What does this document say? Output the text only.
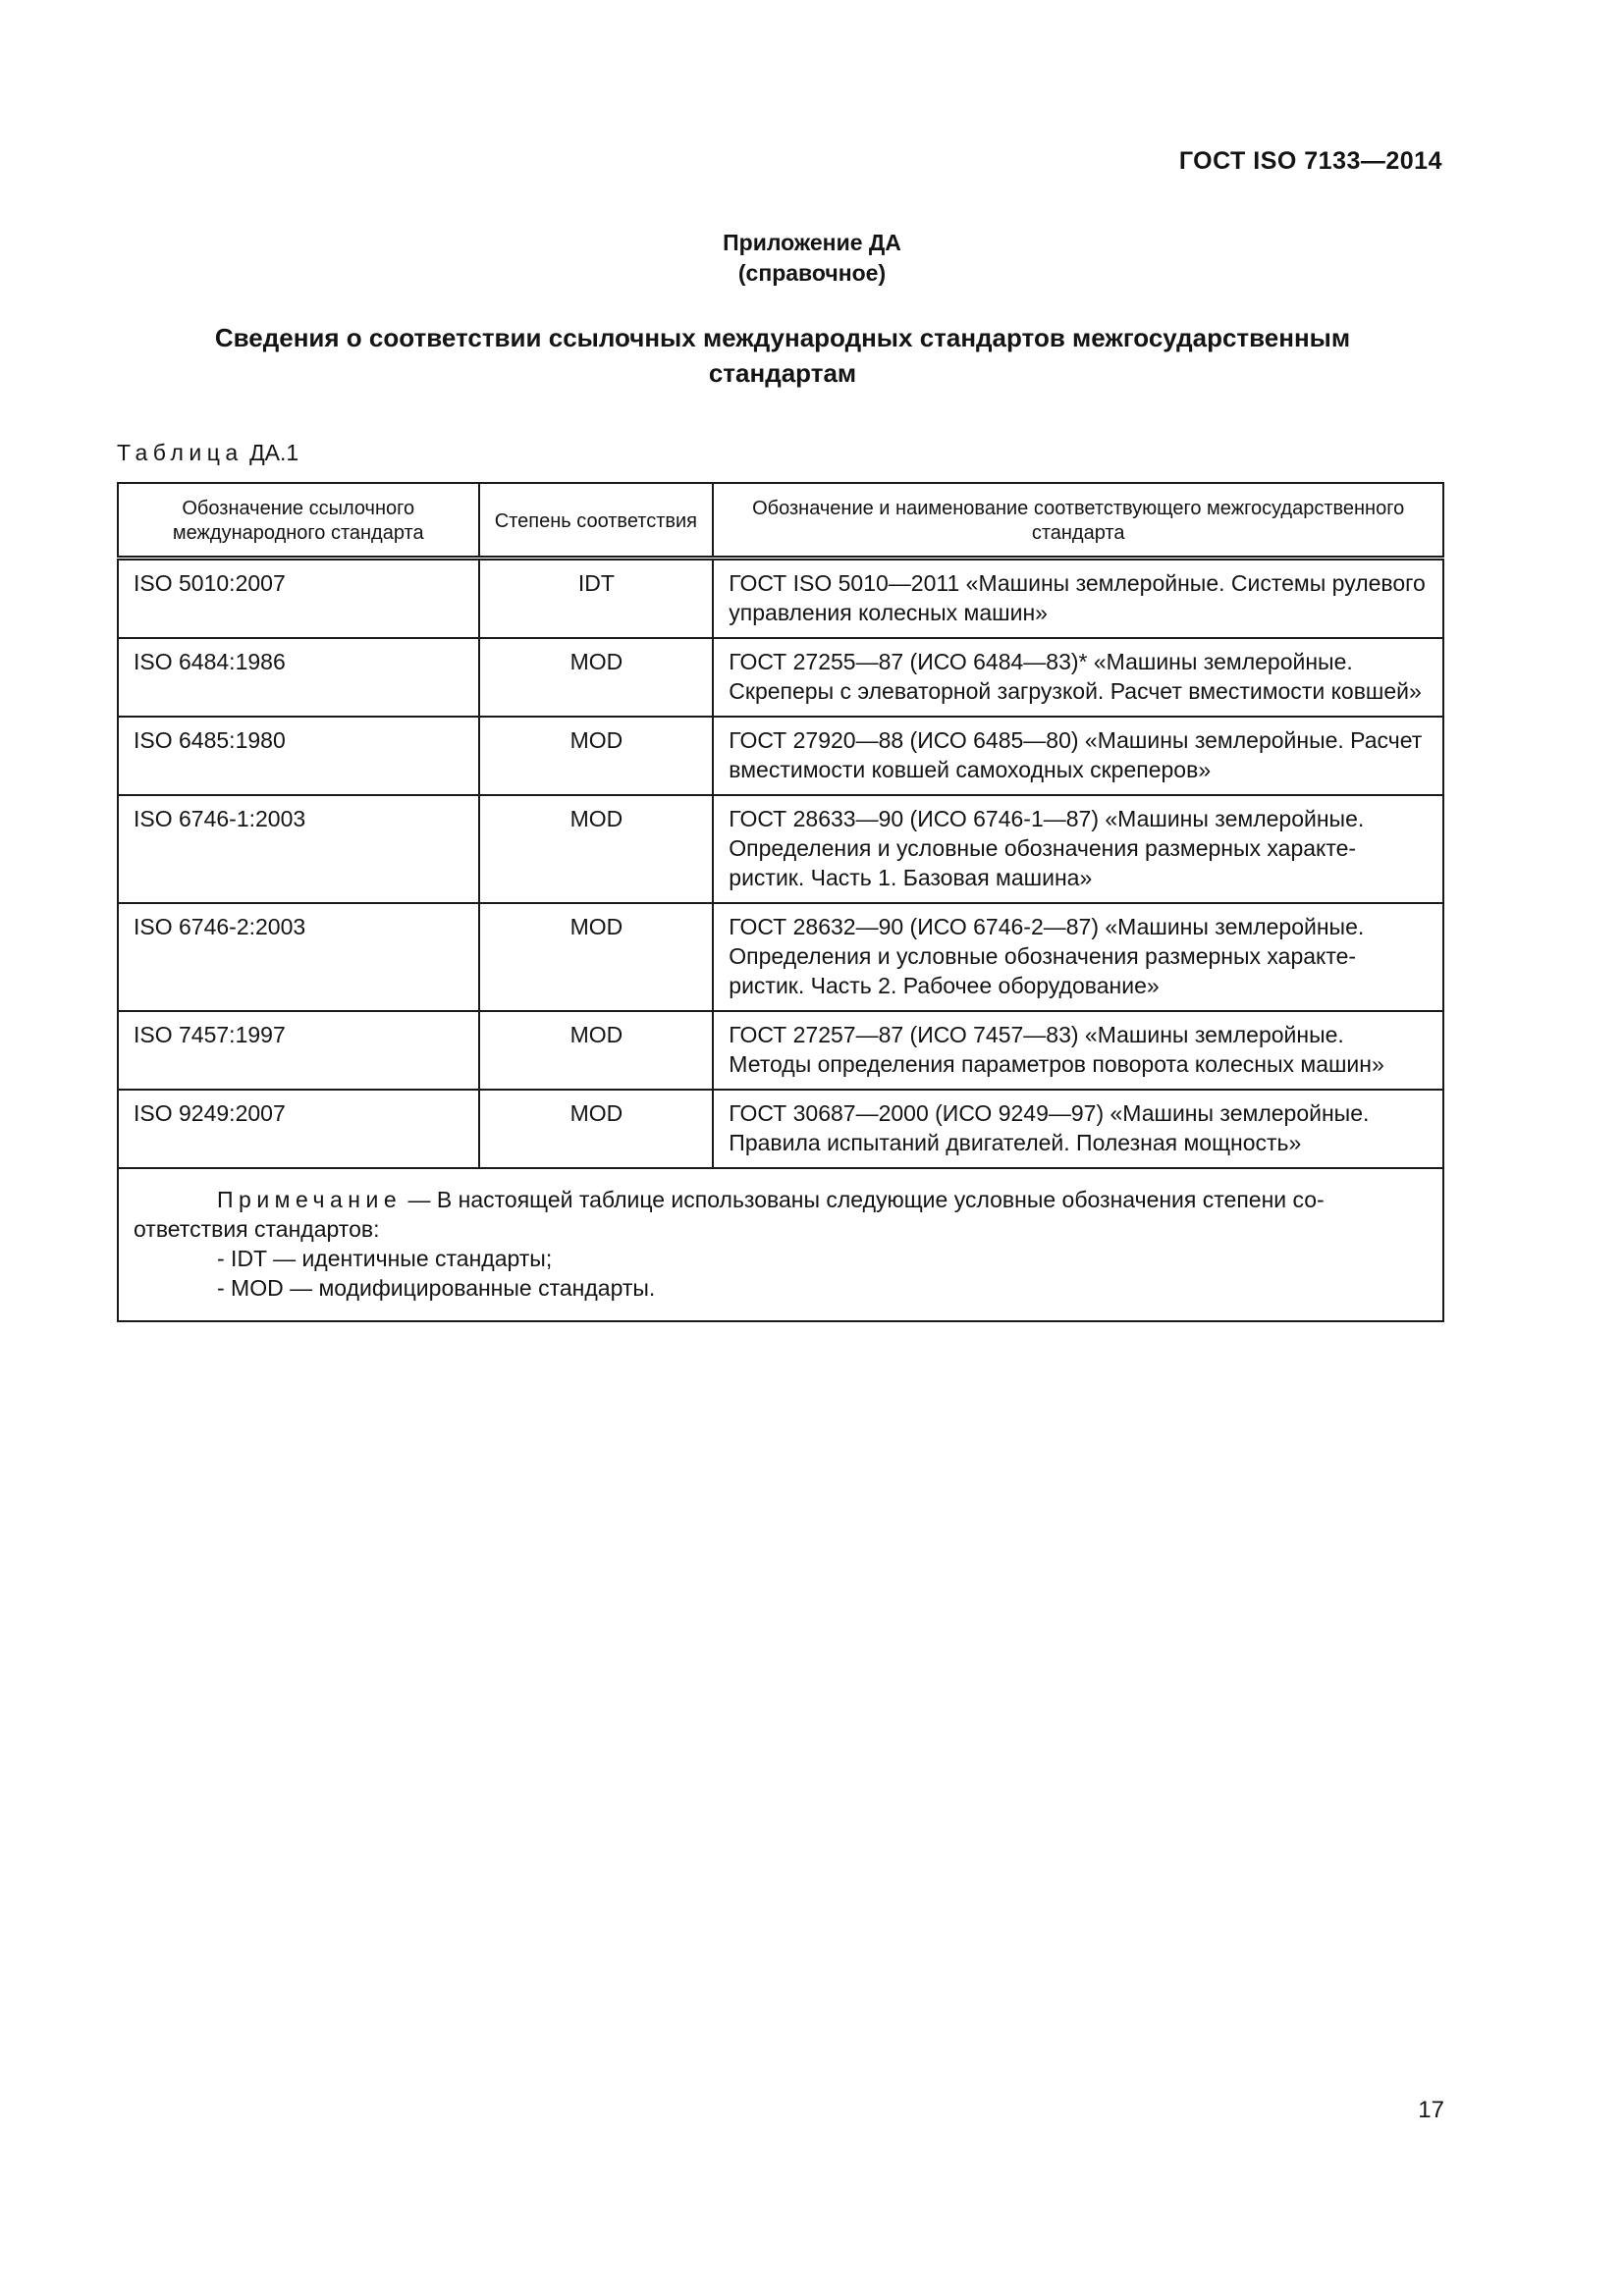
ГОСТ ISO 7133—2014
Приложение ДА
(справочное)
Сведения о соответствии ссылочных международных стандартов межгосударственным стандартам
Таблица ДА.1
Обозначение ссылочного международного стандарта	Степень соответствия	Обозначение и наименование соответствующего межгосударственного стандарта
ISO 5010:2007	IDT	ГОСТ ISO 5010—2011 «Машины землеройные. Системы рулевого управления колесных машин»
ISO 6484:1986	MOD	ГОСТ 27255—87 (ИСО 6484—83)* «Машины землеройные. Скреперы с элеваторной загрузкой. Расчет вместимости ковшей»
ISO 6485:1980	MOD	ГОСТ 27920—88 (ИСО 6485—80) «Машины землеройные. Расчет вместимости ковшей самоходных скреперов»
ISO 6746-1:2003	MOD	ГОСТ 28633—90 (ИСО 6746-1—87) «Машины землеройные. Определения и условные обозначения размерных характе-ристик. Часть 1. Базовая машина»
ISO 6746-2:2003	MOD	ГОСТ 28632—90 (ИСО 6746-2—87) «Машины землеройные. Определения и условные обозначения размерных характе-ристик. Часть 2. Рабочее оборудование»
ISO 7457:1997	MOD	ГОСТ 27257—87 (ИСО 7457—83) «Машины землеройные. Методы определения параметров поворота колесных машин»
ISO 9249:2007	MOD	ГОСТ 30687—2000 (ИСО 9249—97) «Машины землеройные. Правила испытаний двигателей. Полезная мощность»
Примечание — В настоящей таблице использованы следующие условные обозначения степени со-ответствия стандартов:
- IDT — идентичные стандарты;
- MOD — модифицированные стандарты.		
17
